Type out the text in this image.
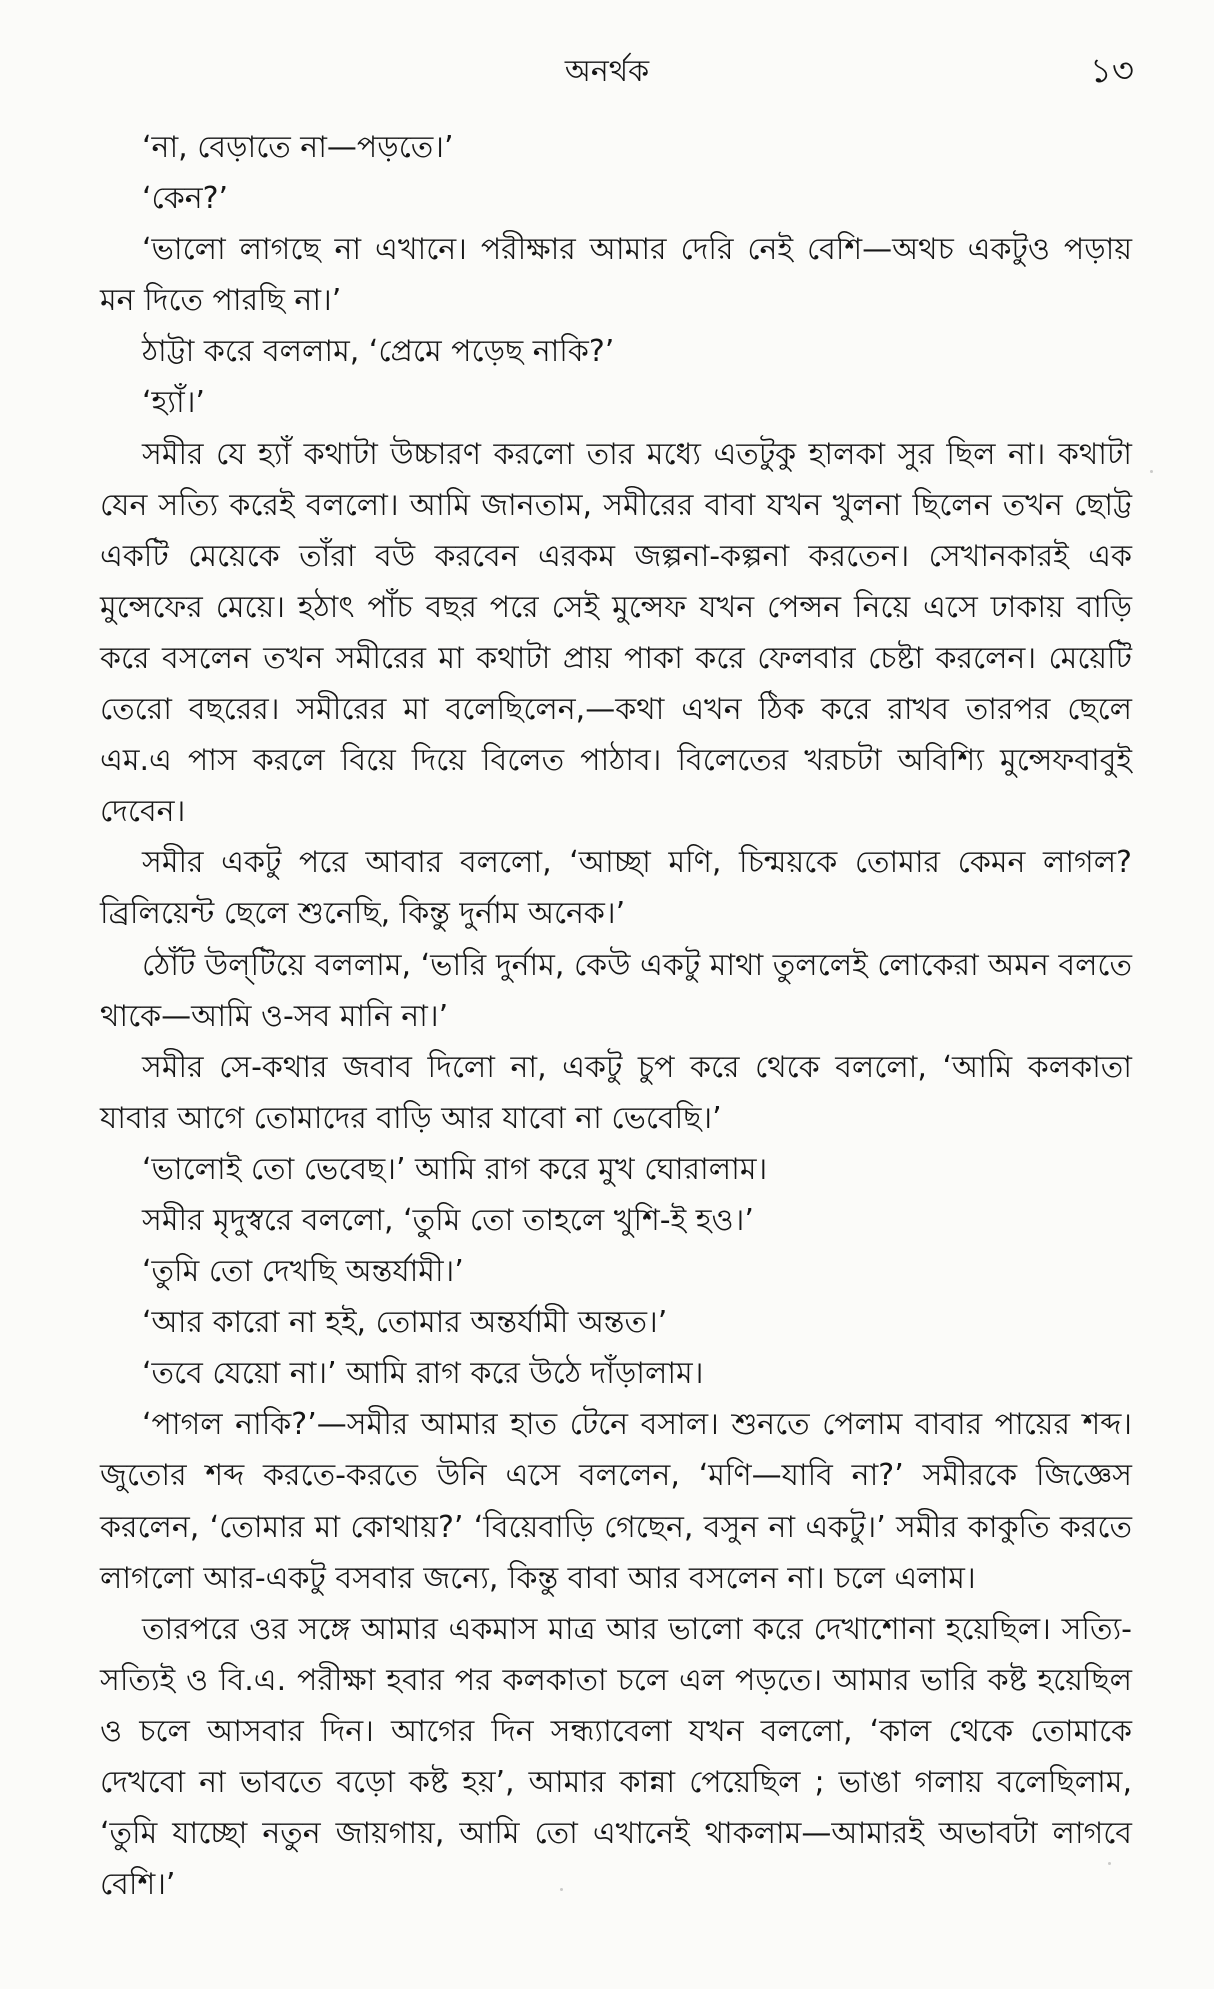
অনর্থক	১৩

‘না, বেড়াতে না—পড়তে।’

‘কেন?’

‘ভালো লাগছে না এখানে। পরীক্ষার আমার দেরি নেই বেশি—অথচ একটুও পড়ায় মন দিতে পারছি না।’

ঠাট্টা করে বললাম, ‘প্রেমে পড়েছ নাকি?’

‘হ্যাঁ।’

সমীর যে হ্যাঁ কথাটা উচ্চারণ করলো তার মধ্যে এতটুকু হালকা সুর ছিল না। কথাটা যেন সত্যি করেই বললো। আমি জানতাম, সমীরের বাবা যখন খুলনা ছিলেন তখন ছোট্ট একটি মেয়েকে তাঁরা বউ করবেন এরকম জল্পনা-কল্পনা করতেন। সেখানকারই এক মুন্সেফের মেয়ে। হঠাৎ পাঁচ বছর পরে সেই মুন্সেফ যখন পেন্সন নিয়ে এসে ঢাকায় বাড়ি করে বসলেন তখন সমীরের মা কথাটা প্রায় পাকা করে ফেলবার চেষ্টা করলেন। মেয়েটি তেরো বছরের। সমীরের মা বলেছিলেন,—কথা এখন ঠিক করে রাখব তারপর ছেলে এম.এ পাস করলে বিয়ে দিয়ে বিলেত পাঠাব। বিলেতের খরচটা অবিশ্যি মুন্সেফবাবুই দেবেন।

সমীর একটু পরে আবার বললো, ‘আচ্ছা মণি, চিন্ময়কে তোমার কেমন লাগল? ব্রিলিয়েন্ট ছেলে শুনেছি, কিন্তু দুর্নাম অনেক।’

ঠোঁট উল্‌টিয়ে বললাম, ‘ভারি দুর্নাম, কেউ একটু মাথা তুললেই লোকেরা অমন বলতে থাকে—আমি ও-সব মানি না।’

সমীর সে-কথার জবাব দিলো না, একটু চুপ করে থেকে বললো, ‘আমি কলকাতা যাবার আগে তোমাদের বাড়ি আর যাবো না ভেবেছি।’

‘ভালোই তো ভেবেছ।’ আমি রাগ করে মুখ ঘোরালাম।

সমীর মৃদুস্বরে বললো, ‘তুমি তো তাহলে খুশি-ই হও।’

‘তুমি তো দেখছি অন্তর্যামী।’

‘আর কারো না হই, তোমার অন্তর্যামী অন্তত।’

‘তবে যেয়ো না।’ আমি রাগ করে উঠে দাঁড়ালাম।

‘পাগল নাকি?’—সমীর আমার হাত টেনে বসাল। শুনতে পেলাম বাবার পায়ের শব্দ। জুতোর শব্দ করতে-করতে উনি এসে বললেন, ‘মণি—যাবি না?’ সমীরকে জিজ্ঞেস করলেন, ‘তোমার মা কোথায়?’ ‘বিয়েবাড়ি গেছেন, বসুন না একটু।’ সমীর কাকুতি করতে লাগলো আর-একটু বসবার জন্যে, কিন্তু বাবা আর বসলেন না। চলে এলাম।

তারপরে ওর সঙ্গে আমার একমাস মাত্র আর ভালো করে দেখাশোনা হয়েছিল। সত্যি-সত্যিই ও বি.এ. পরীক্ষা হবার পর কলকাতা চলে এল পড়তে। আমার ভারি কষ্ট হয়েছিল ও চলে আসবার দিন। আগের দিন সন্ধ্যাবেলা যখন বললো, ‘কাল থেকে তোমাকে দেখবো না ভাবতে বড়ো কষ্ট হয়’, আমার কান্না পেয়েছিল ; ভাঙা গলায় বলেছিলাম, ‘তুমি যাচ্ছো নতুন জায়গায়, আমি তো এখানেই থাকলাম—আমারই অভাবটা লাগবে বেশি।’
